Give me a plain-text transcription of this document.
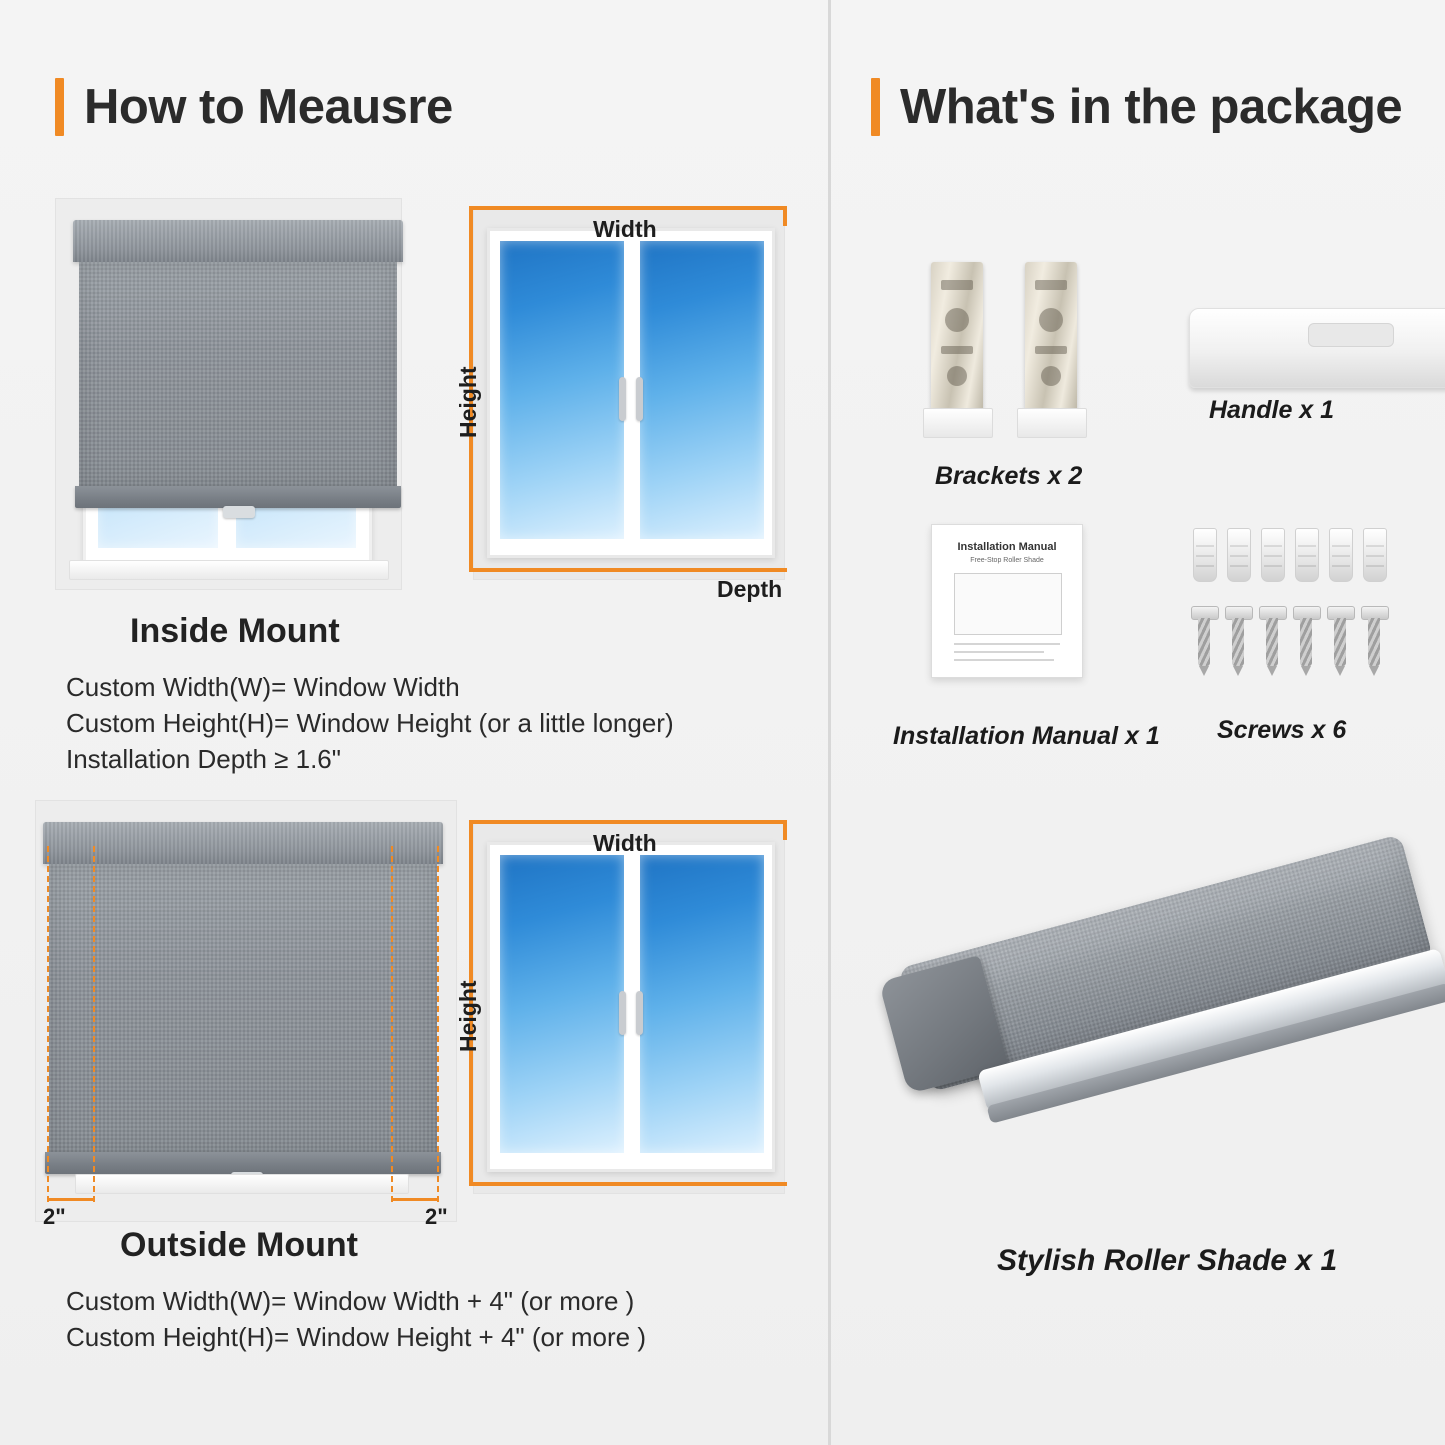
How to Meausre
Width
Height
Depth
Inside Mount
Custom Width(W)= Window Width
Custom Height(H)= Window Height (or a little longer)
Installation Depth ≥ 1.6"
2"	2"
Width
Height
Outside Mount
Custom Width(W)= Window Width + 4" (or more )
Custom Height(H)= Window Height + 4" (or more )
What's in the package
Brackets x 2
Handle x 1
Installation Manual
Free-Stop Roller Shade
Installation Manual x 1 Screws x 6
Stylish Roller Shade x 1
